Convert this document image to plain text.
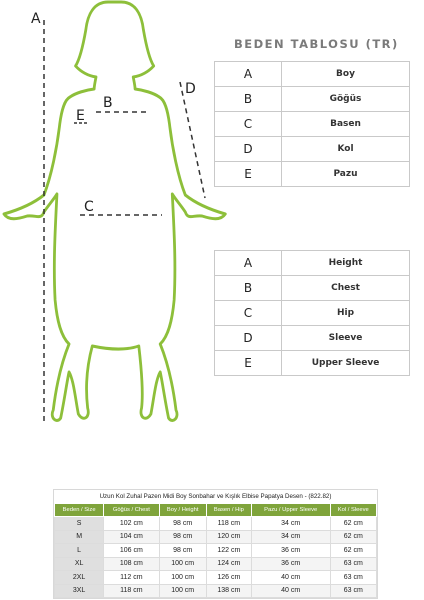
A
D
B
E
C
BEDEN TABLOSU (TR)
A	Boy
B	Göğüs
C	Basen
D	Kol
E	Pazu
A	Height
B	Chest
C	Hip
D	Sleeve
E	Upper Sleeve
Uzun Kol Zuhal Pazen Midi Boy Sonbahar ve Kışlık Elbise Papatya Desen - (822.82)
Beden / Size	Göğüs / Chest	Boy / Height	Basen / Hip	Pazu / Upper Sleeve	Kol / Sleeve
S	102 cm	98 cm	118 cm	34 cm	62 cm
M	104 cm	98 cm	120 cm	34 cm	62 cm
L	106 cm	98 cm	122 cm	36 cm	62 cm
XL	108 cm	100 cm	124 cm	36 cm	63 cm
2XL	112 cm	100 cm	126 cm	40 cm	63 cm
3XL	118 cm	100 cm	138 cm	40 cm	63 cm
